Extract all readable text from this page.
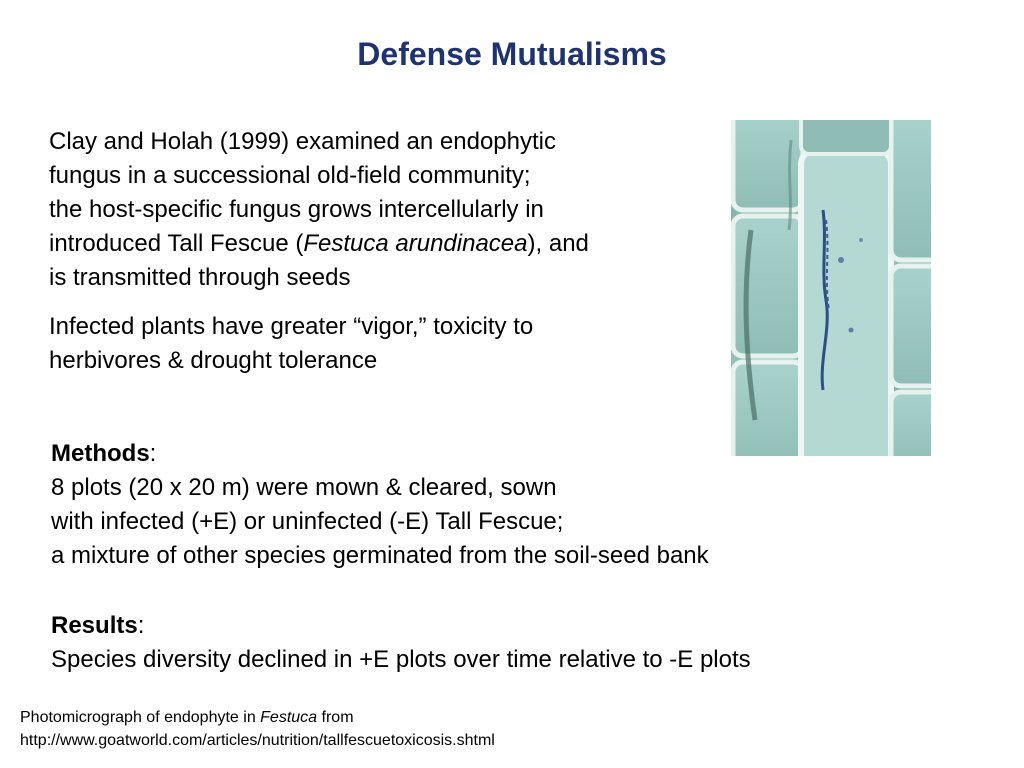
Defense Mutualisms
Clay and Holah (1999) examined an endophytic
fungus in a successional old-field community;
the host-specific fungus grows intercellularly in
introduced Tall Fescue (Festuca arundinacea), and
is transmitted through seeds
Infected plants have greater “vigor,” toxicity to
herbivores & drought tolerance
Methods:
8 plots (20 x 20 m) were mown & cleared, sown
with infected (+E) or uninfected (-E) Tall Fescue;
a mixture of other species germinated from the soil-seed bank
Results:
Species diversity declined in +E plots over time relative to -E plots
Photomicrograph of endophyte in Festuca from
http://www.goatworld.com/articles/nutrition/tallfescuetoxicosis.shtml
